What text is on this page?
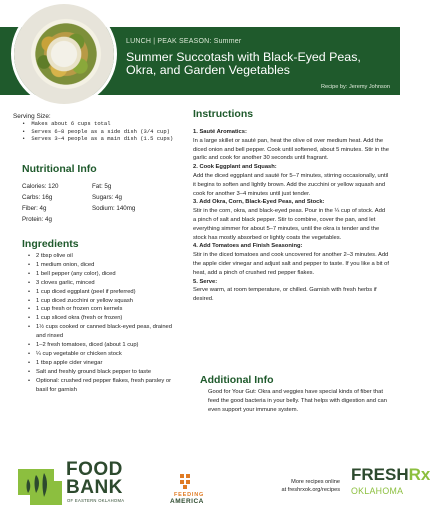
LUNCH | PEAK SEASON: Summer
Summer Succotash with Black-Eyed Peas, Okra, and Garden Vegetables
Recipe by: Jeremy Johnson
Serving Size:
• Makes about 6 cups total
• Serves 6–8 people as a side dish (3/4 cup)
• Serves 3–4 people as a main dish (1.5 cups)
Nutritional Info
Calories: 120
Carbs: 16g
Fiber: 4g
Protein: 4g
Fat: 5g
Sugars: 4g
Sodium: 140mg
Ingredients
• 2 tbsp olive oil
• 1 medium onion, diced
• 1 bell pepper (any color), diced
• 3 cloves garlic, minced
• 1 cup diced eggplant (peel if preferred)
• 1 cup diced zucchini or yellow squash
• 1 cup fresh or frozen corn kernels
• 1 cup sliced okra (fresh or frozen)
• 1½ cups cooked or canned black-eyed peas, drained and rinsed
• 1–2 fresh tomatoes, diced (about 1 cup)
• ¼ cup vegetable or chicken stock
• 1 tbsp apple cider vinegar
• Salt and freshly ground black pepper to taste
• Optional: crushed red pepper flakes, fresh parsley or basil for garnish
Instructions
1. Sauté Aromatics:
In a large skillet or sauté pan, heat the olive oil over medium heat. Add the diced onion and bell pepper. Cook until softened, about 5 minutes. Stir in the garlic and cook for another 30 seconds until fragrant.
2. Cook Eggplant and Squash:
Add the diced eggplant and sauté for 5–7 minutes, stirring occasionally, until it begins to soften and lightly brown. Add the zucchini or yellow squash and cook for another 3–4 minutes until just tender.
3. Add Okra, Corn, Black-Eyed Peas, and Stock:
Stir in the corn, okra, and black-eyed peas. Pour in the ¼ cup of stock. Add a pinch of salt and black pepper. Stir to combine, cover the pan, and let everything simmer for about 5–7 minutes, until the okra is tender and the stock has mostly absorbed or lightly coats the vegetables.
4. Add Tomatoes and Finish Seasoning:
Stir in the diced tomatoes and cook uncovered for another 2–3 minutes. Add the apple cider vinegar and adjust salt and pepper to taste. If you like a bit of heat, add a pinch of crushed red pepper flakes.
5. Serve:
Serve warm, at room temperature, or chilled. Garnish with fresh herbs if desired.
Additional Info
Good for Your Gut: Okra and veggies have special kinds of fiber that feed the good bacteria in your belly. That helps with digestion and can even support your immune system.
FOOD
BANK
OF EASTERN OKLAHOMA
FEEDING
AMERICA
More recipes online
at freshrxok.org/recipes
FRESHRx
OKLAHOMA
